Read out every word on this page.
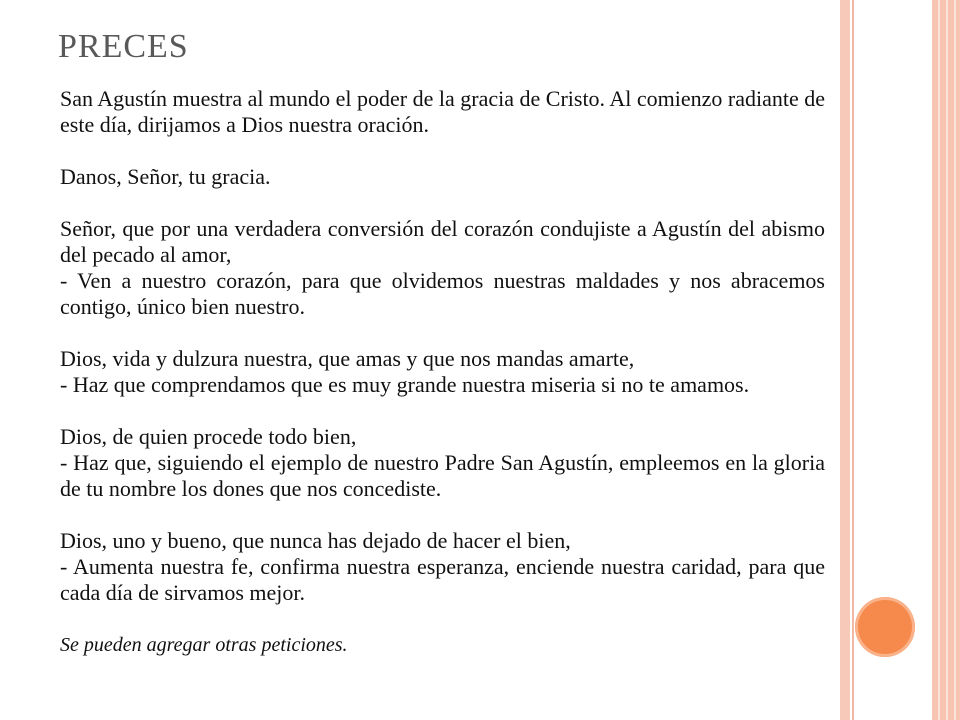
PRECES

San Agustín muestra al mundo el poder de la gracia de Cristo. Al comienzo radiante de este día, dirijamos a Dios nuestra oración.

Danos, Señor, tu gracia.

Señor, que por una verdadera conversión del corazón condujiste a Agustín del abismo del pecado al amor,

- Ven a nuestro corazón, para que olvidemos nuestras maldades y nos abracemos contigo, único bien nuestro.

Dios, vida y dulzura nuestra, que amas y que nos mandas amarte,

- Haz que comprendamos que es muy grande nuestra miseria si no te amamos.

Dios, de quien procede todo bien,

- Haz que, siguiendo el ejemplo de nuestro Padre San Agustín, empleemos en la gloria de tu nombre los dones que nos concediste.

Dios, uno y bueno, que nunca has dejado de hacer el bien,

- Aumenta nuestra fe, confirma nuestra esperanza, enciende nuestra caridad, para que cada día de sirvamos mejor.

Se pueden agregar otras peticiones.
